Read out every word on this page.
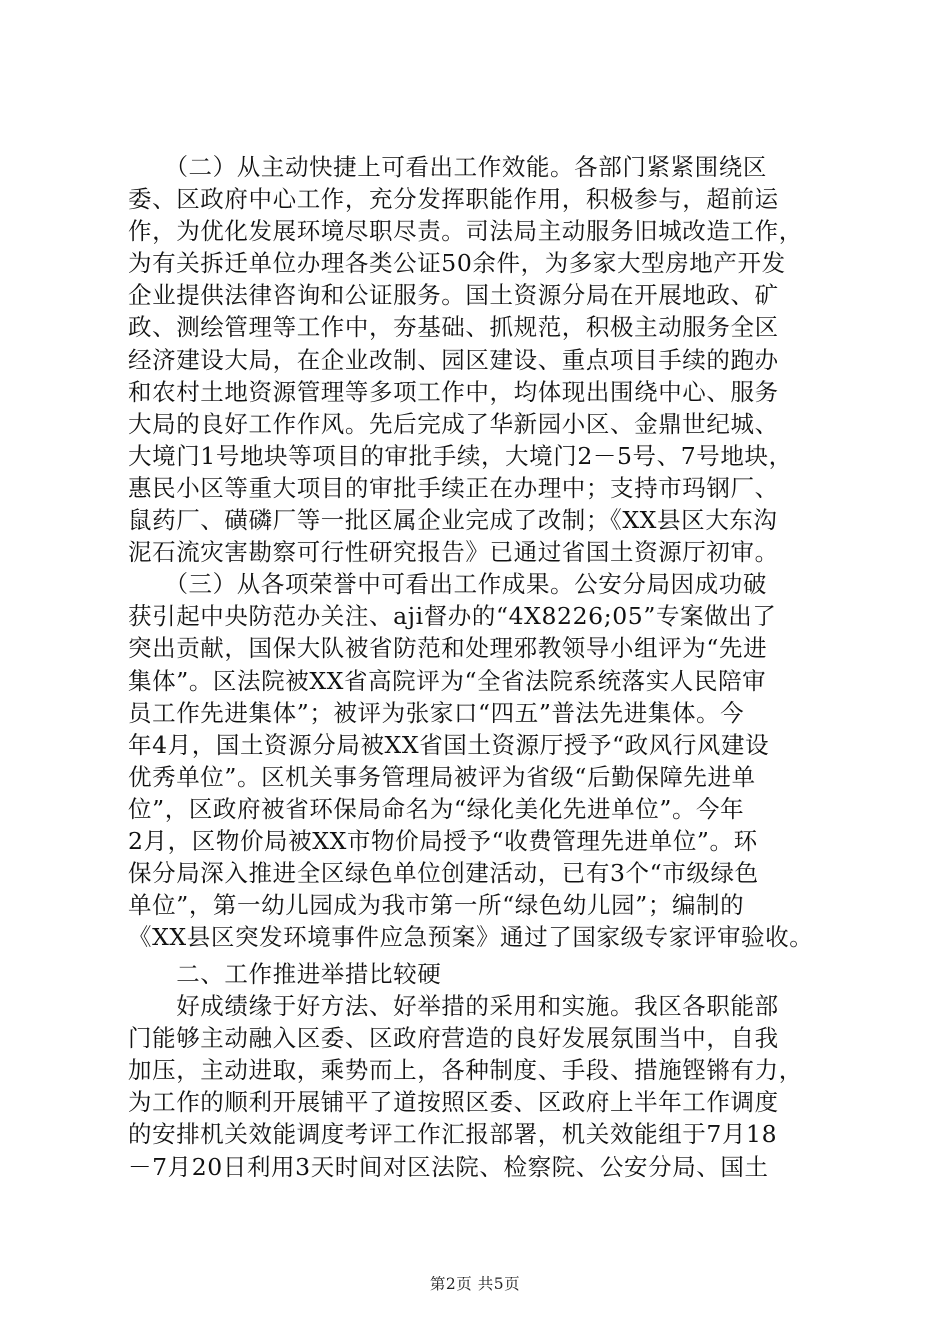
　　（二）从主动快捷上可看出工作效能。各部门紧紧围绕区
委、区政府中心工作，充分发挥职能作用，积极参与，超前运
作，为优化发展环境尽职尽责。司法局主动服务旧城改造工作，
为有关拆迁单位办理各类公证50余件，为多家大型房地产开发
企业提供法律咨询和公证服务。国土资源分局在开展地政、矿
政、测绘管理等工作中，夯基础、抓规范，积极主动服务全区
经济建设大局，在企业改制、园区建设、重点项目手续的跑办
和农村土地资源管理等多项工作中，均体现出围绕中心、服务
大局的良好工作作风。先后完成了华新园小区、金鼎世纪城、
大境门1号地块等项目的审批手续，大境门2－5号、7号地块，
惠民小区等重大项目的审批手续正在办理中；支持市玛钢厂、
鼠药厂、磺磷厂等一批区属企业完成了改制；《XX县区大东沟
泥石流灾害勘察可行性研究报告》已通过省国土资源厅初审。
　　（三）从各项荣誉中可看出工作成果。公安分局因成功破
获引起中央防范办关注、aji督办的“4X8226;05”专案做出了
突出贡献，国保大队被省防范和处理邪教领导小组评为“先进
集体”。区法院被XX省高院评为“全省法院系统落实人民陪审
员工作先进集体”；被评为张家口“四五”普法先进集体。今
年4月，国土资源分局被XX省国土资源厅授予“政风行风建设
优秀单位”。区机关事务管理局被评为省级“后勤保障先进单
位”，区政府被省环保局命名为“绿化美化先进单位”。今年
2月，区物价局被XX市物价局授予“收费管理先进单位”。环
保分局深入推进全区绿色单位创建活动，已有3个“市级绿色
单位”，第一幼儿园成为我市第一所“绿色幼儿园”；编制的
《XX县区突发环境事件应急预案》通过了国家级专家评审验收。
　　二、工作推进举措比较硬
　　好成绩缘于好方法、好举措的采用和实施。我区各职能部
门能够主动融入区委、区政府营造的良好发展氛围当中，自我
加压，主动进取，乘势而上，各种制度、手段、措施铿锵有力，
为工作的顺利开展铺平了道按照区委、区政府上半年工作调度
的安排机关效能调度考评工作汇报部署，机关效能组于7月18
－7月20日利用3天时间对区法院、检察院、公安分局、国土
第2页 共5页
